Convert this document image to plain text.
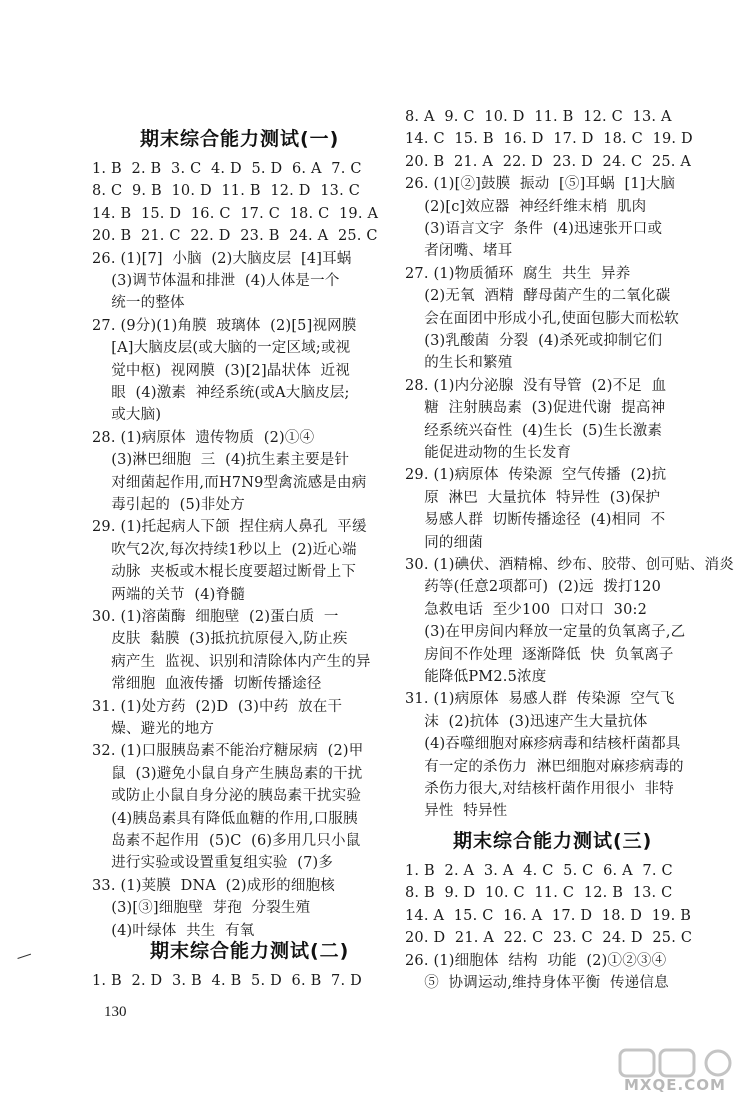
期末综合能力测试(一)
1. B  2. B  3. C  4. D  5. D  6. A  7. C
8. C  9. B  10. D  11. B  12. D  13. C
14. B  15. D  16. C  17. C  18. C  19. A
20. B  21. C  22. D  23. B  24. A  25. C
26. (1)[7]  小脑  (2)大脑皮层  [4]耳蜗
(3)调节体温和排泄  (4)人体是一个
统一的整体
27. (9分)(1)角膜  玻璃体  (2)[5]视网膜
[A]大脑皮层(或大脑的一定区域;或视
觉中枢)  视网膜  (3)[2]晶状体  近视
眼  (4)激素  神经系统(或A大脑皮层;
或大脑)
28. (1)病原体  遗传物质  (2)①④
(3)淋巴细胞  三  (4)抗生素主要是针
对细菌起作用,而H7N9型禽流感是由病
毒引起的  (5)非处方
29. (1)托起病人下颌  捏住病人鼻孔  平缓
吹气2次,每次持续1秒以上  (2)近心端
动脉  夹板或木棍长度要超过断骨上下
两端的关节  (4)脊髓
30. (1)溶菌酶  细胞壁  (2)蛋白质  一
皮肤  黏膜  (3)抵抗抗原侵入,防止疾
病产生  监视、识别和清除体内产生的异
常细胞  血液传播  切断传播途径
31. (1)处方药  (2)D  (3)中药  放在干
燥、避光的地方
32. (1)口服胰岛素不能治疗糖尿病  (2)甲
鼠  (3)避免小鼠自身产生胰岛素的干扰
或防止小鼠自身分泌的胰岛素干扰实验
(4)胰岛素具有降低血糖的作用,口服胰
岛素不起作用  (5)C  (6)多用几只小鼠
进行实验或设置重复组实验  (7)多
33. (1)荚膜  DNA  (2)成形的细胞核
(3)[③]细胞壁  芽孢  分裂生殖
(4)叶绿体  共生  有氧
期末综合能力测试(二)
1. B  2. D  3. B  4. B  5. D  6. B  7. D
8. A  9. C  10. D  11. B  12. C  13. A
14. C  15. B  16. D  17. D  18. C  19. D
20. B  21. A  22. D  23. D  24. C  25. A
26. (1)[②]鼓膜  振动  [⑤]耳蜗  [1]大脑
(2)[c]效应器  神经纤维末梢  肌肉
(3)语言文字  条件  (4)迅速张开口或
者闭嘴、堵耳
27. (1)物质循环  腐生  共生  异养
(2)无氧  酒精  酵母菌产生的二氧化碳
会在面团中形成小孔,使面包膨大而松软
(3)乳酸菌  分裂  (4)杀死或抑制它们
的生长和繁殖
28. (1)内分泌腺  没有导管  (2)不足  血
糖  注射胰岛素  (3)促进代谢  提高神
经系统兴奋性  (4)生长  (5)生长激素
能促进动物的生长发育
29. (1)病原体  传染源  空气传播  (2)抗
原  淋巴  大量抗体  特异性  (3)保护
易感人群  切断传播途径  (4)相同  不
同的细菌
30. (1)碘伏、酒精棉、纱布、胶带、创可贴、消炎
药等(任意2项都可)  (2)远  拨打120
急救电话  至少100  口对口  30:2
(3)在甲房间内释放一定量的负氧离子,乙
房间不作处理  逐渐降低  快  负氧离子
能降低PM2.5浓度
31. (1)病原体  易感人群  传染源  空气飞
沫  (2)抗体  (3)迅速产生大量抗体
(4)吞噬细胞对麻疹病毒和结核杆菌都具
有一定的杀伤力  淋巴细胞对麻疹病毒的
杀伤力很大,对结核杆菌作用很小  非特
异性  特异性
期末综合能力测试(三)
1. B  2. A  3. A  4. C  5. C  6. A  7. C
8. B  9. D  10. C  11. C  12. B  13. C
14. A  15. C  16. A  17. D  18. D  19. B
20. D  21. A  22. C  23. C  24. D  25. C
26. (1)细胞体  结构  功能  (2)①②③④
⑤  协调运动,维持身体平衡  传递信息
130
MXQE.COM
